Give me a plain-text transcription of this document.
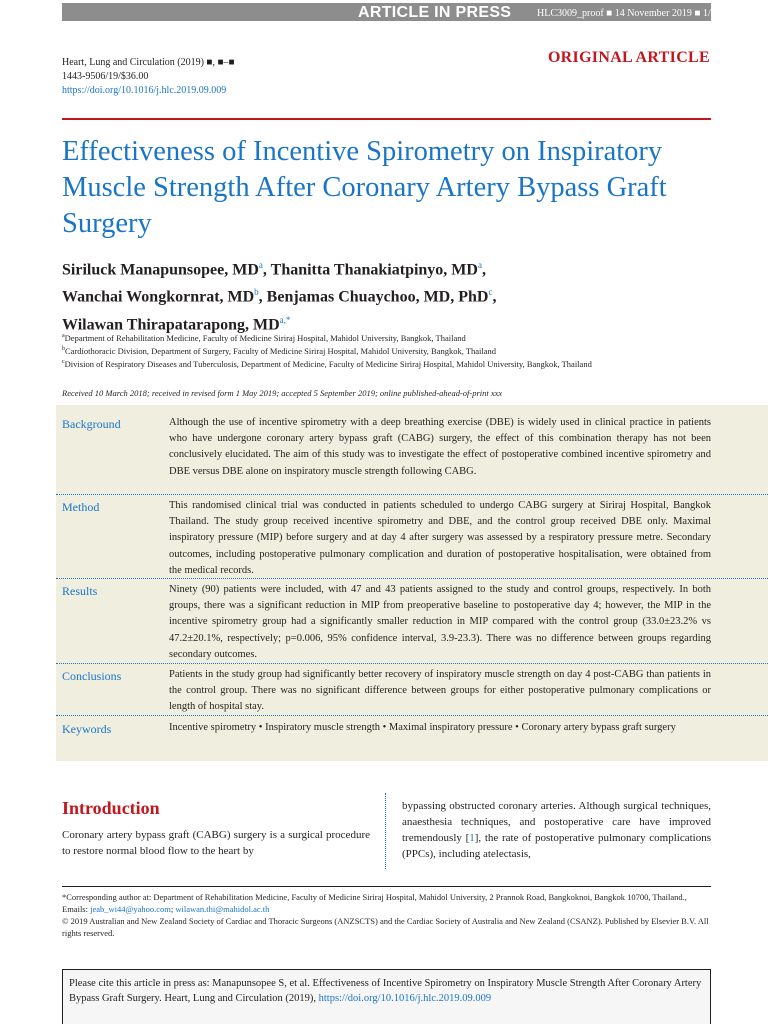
ARTICLE IN PRESS	HLC3009_proof ■ 14 November 2019 ■ 1/7
Heart, Lung and Circulation (2019) ■, ■–■
1443-9506/19/$36.00
https://doi.org/10.1016/j.hlc.2019.09.009
ORIGINAL ARTICLE
Effectiveness of Incentive Spirometry on Inspiratory Muscle Strength After Coronary Artery Bypass Graft Surgery
Siriluck Manapunsopee, $MD^a$, Thanitta Thanakiatpinyo, $MD^a$,
Wanchai Wongkornrat, $MD^b$, Benjamas Chuaychoo, MD, PhD$^c$,
Wilawan Thirapatarapong, $MD^{a,*}$
$^a$Department of Rehabilitation Medicine, Faculty of Medicine Siriraj Hospital, Mahidol University, Bangkok, Thailand
$^b$Cardiothoracic Division, Department of Surgery, Faculty of Medicine Siriraj Hospital, Mahidol University, Bangkok, Thailand
$^c$Division of Respiratory Diseases and Tuberculosis, Department of Medicine, Faculty of Medicine Siriraj Hospital, Mahidol University, Bangkok, Thailand
Received 10 March 2018; received in revised form 1 May 2019; accepted 5 September 2019; online published-ahead-of-print xxx
Background	Although the use of incentive spirometry with a deep breathing exercise (DBE) is widely used in clinical practice in patients who have undergone coronary artery bypass graft (CABG) surgery, the effect of this combination therapy has not been conclusively elucidated. The aim of this study was to investigate the effect of postoperative combined incentive spirometry and DBE versus DBE alone on inspiratory muscle strength following CABG.
Method	This randomised clinical trial was conducted in patients scheduled to undergo CABG surgery at Siriraj Hospital, Bangkok Thailand. The study group received incentive spirometry and DBE, and the control group received DBE only. Maximal inspiratory pressure (MIP) before surgery and at day 4 after surgery was assessed by a respiratory pressure metre. Secondary outcomes, including postoperative pulmonary complication and duration of postoperative hospitalisation, were obtained from the medical records.
Results	Ninety (90) patients were included, with 47 and 43 patients assigned to the study and control groups, respectively. In both groups, there was a significant reduction in MIP from preoperative baseline to postoperative day 4; however, the MIP in the incentive spirometry group had a significantly smaller reduction in MIP compared with the control group (33.0±23.2% vs 47.2±20.1%, respectively; p=0.006, 95% confidence interval, 3.9-23.3). There was no difference between groups regarding secondary outcomes.
Conclusions	Patients in the study group had significantly better recovery of inspiratory muscle strength on day 4 post-CABG than patients in the control group. There was no significant difference between groups for either postoperative pulmonary complications or length of hospital stay.
Keywords	Incentive spirometry • Inspiratory muscle strength • Maximal inspiratory pressure • Coronary artery bypass graft surgery
Introduction
Coronary artery bypass graft (CABG) surgery is a surgical procedure to restore normal blood flow to the heart by
bypassing obstructed coronary arteries. Although surgical techniques, anaesthesia techniques, and postoperative care have improved tremendously [1], the rate of postoperative pulmonary complications (PPCs), including atelectasis,
*Corresponding author at: Department of Rehabilitation Medicine, Faculty of Medicine Siriraj Hospital, Mahidol University, 2 Prannok Road, Bangkoknoi, Bangkok 10700, Thailand., Emails: jeab_wi44@yahoo.com; wilawan.thi@mahidol.ac.th
© 2019 Australian and New Zealand Society of Cardiac and Thoracic Surgeons (ANZSCTS) and the Cardiac Society of Australia and New Zealand (CSANZ). Published by Elsevier B.V. All rights reserved.
Please cite this article in press as: Manapunsopee S, et al. Effectiveness of Incentive Spirometry on Inspiratory Muscle Strength After Coronary Artery Bypass Graft Surgery. Heart, Lung and Circulation (2019), https://doi.org/10.1016/j.hlc.2019.09.009
